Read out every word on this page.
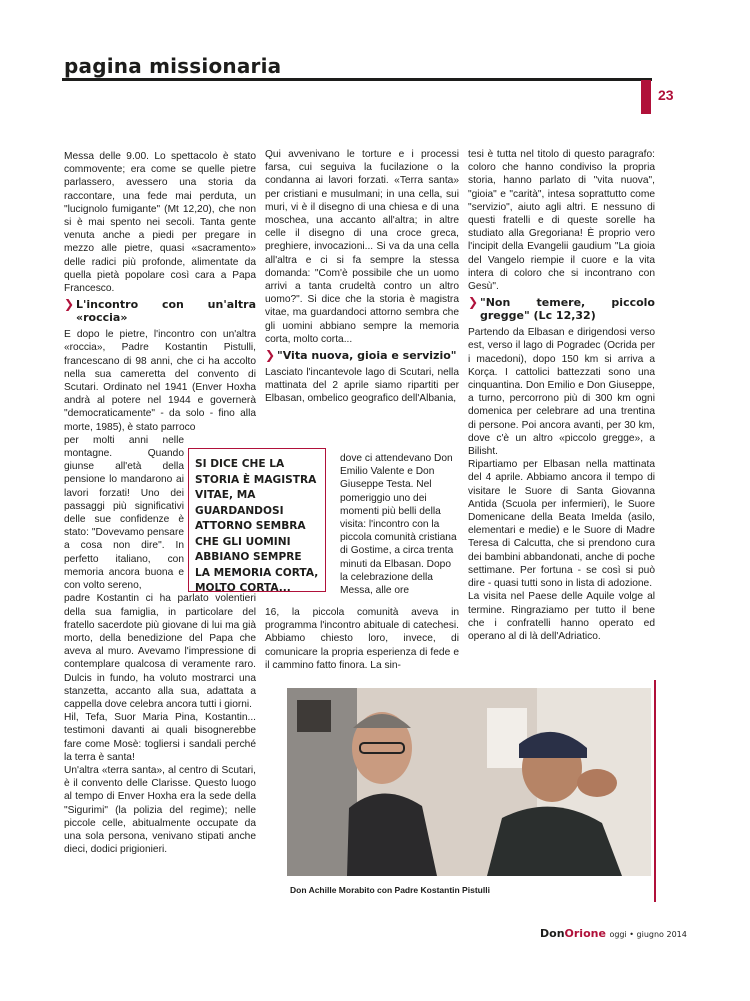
pagina missionaria
23

Messa delle 9.00. Lo spettacolo è stato commovente; era come se quelle pietre parlassero, avessero una storia da raccontare, una fede mai perduta, un "lucignolo fumigante" (Mt 12,20), che non si è mai spento nei secoli. Tanta gente venuta anche a piedi per pregare in mezzo alle pietre, quasi «sacramento» delle radici più profonde, alimentate da quella pietà popolare così cara a Papa Francesco.

❯ L'incontro con un'altra «roccia»

E dopo le pietre, l'incontro con un'altra «roccia», Padre Kostantin Pistulli, francescano di 98 anni, che ci ha accolto nella sua cameretta del convento di Scutari. Ordinato nel 1941 (Enver Hoxha andrà al potere nel 1944 e governerà "democraticamente" - da solo - fino alla morte, 1985), è stato parroco

per molti anni nelle montagne. Quando giunse all'età della pensione lo mandarono ai lavori forzati! Uno dei passaggi più significativi delle sue confidenze è stato: "Dovevamo pensare a cosa non dire". In perfetto italiano, con memoria ancora buona e con volto sereno,

padre Kostantin ci ha parlato volentieri della sua famiglia, in particolare del fratello sacerdote più giovane di lui ma già morto, della benedizione del Papa che aveva al muro. Avevamo l'impressione di contemplare qualcosa di veramente raro. Dulcis in fundo, ha voluto mostrarci una stanzetta, accanto alla sua, adattata a cappella dove celebra ancora tutti i giorni.

Hil, Tefa, Suor Maria Pina, Kostantin... testimoni davanti ai quali bisognerebbe fare come Mosè: togliersi i sandali perché la terra è santa!

Un'altra «terra santa», al centro di Scutari, è il convento delle Clarisse. Questo luogo al tempo di Enver Hoxha era la sede della "Sigurimi" (la polizia del regime); nelle piccole celle, abitualmente occupate da una sola persona, venivano stipati anche dieci, dodici prigionieri.

Qui avvenivano le torture e i processi farsa, cui seguiva la fucilazione o la condanna ai lavori forzati. «Terra santa» per cristiani e musulmani; in una cella, sui muri, vi è il disegno di una chiesa e di una moschea, una accanto all'altra; in altre celle il disegno di una croce greca, preghiere, invocazioni... Si va da una cella all'altra e ci si fa sempre la stessa domanda: "Com'è possibile che un uomo arrivi a tanta crudeltà contro un altro uomo?". Si dice che la storia è magistra vitae, ma guardandoci attorno sembra che gli uomini abbiano sempre la memoria corta, molto corta...

❯ "Vita nuova, gioia e servizio"

Lasciato l'incantevole lago di Scutari, nella mattinata del 2 aprile siamo ripartiti per Elbasan, ombelico geografico dell'Albania,

dove ci attendevano Don Emilio Valente e Don Giuseppe Testa. Nel pomeriggio uno dei momenti più belli della visita: l'incontro con la piccola comunità cristiana di Gostime, a circa trenta minuti da Elbasan. Dopo la celebrazione della Messa, alle ore
16, la piccola comunità aveva in programma l'incontro abituale di catechesi. Abbiamo chiesto loro, invece, di comunicare la propria esperienza di fede e il cammino fatto finora. La sin-
SI DICE CHE LA STORIA È MAGISTRA VITAE, MA GUARDANDOSI ATTORNO SEMBRA CHE GLI UOMINI ABBIANO SEMPRE LA MEMORIA CORTA, MOLTO CORTA...

tesi è tutta nel titolo di questo paragrafo: coloro che hanno condiviso la propria storia, hanno parlato di "vita nuova", "gioia" e "carità", intesa soprattutto come "servizio", aiuto agli altri. E nessuno di questi fratelli e di queste sorelle ha studiato alla Gregoriana! È proprio vero l'incipit della Evangelii gaudium "La gioia del Vangelo riempie il cuore e la vita intera di coloro che si incontrano con Gesù".

❯ "Non temere, piccolo gregge" (Lc 12,32)

Partendo da Elbasan e dirigendosi verso est, verso il lago di Pogradec (Ocrida per i macedoni), dopo 150 km si arriva a Korça. I cattolici battezzati sono una cinquantina. Don Emilio e Don Giuseppe, a turno, percorrono più di 300 km ogni domenica per celebrare ad una trentina di persone. Poi ancora avanti, per 30 km, dove c'è un altro «piccolo gregge», a Bilisht.

Ripartiamo per Elbasan nella mattinata del 4 aprile. Abbiamo ancora il tempo di visitare le Suore di Santa Giovanna Antida (Scuola per infermieri), le Suore Domenicane della Beata Imelda (asilo, elementari e medie) e le Suore di Madre Teresa di Calcutta, che si prendono cura dei bambini abbandonati, anche di poche settimane. Per fortuna - se così si può dire - quasi tutti sono in lista di adozione.

La visita nel Paese delle Aquile volge al termine. Ringraziamo per tutto il bene che i confratelli hanno operato ed operano al di là dell'Adriatico.

Don Achille Morabito con Padre Kostantin Pistulli
DonOrione oggi • giugno 2014
